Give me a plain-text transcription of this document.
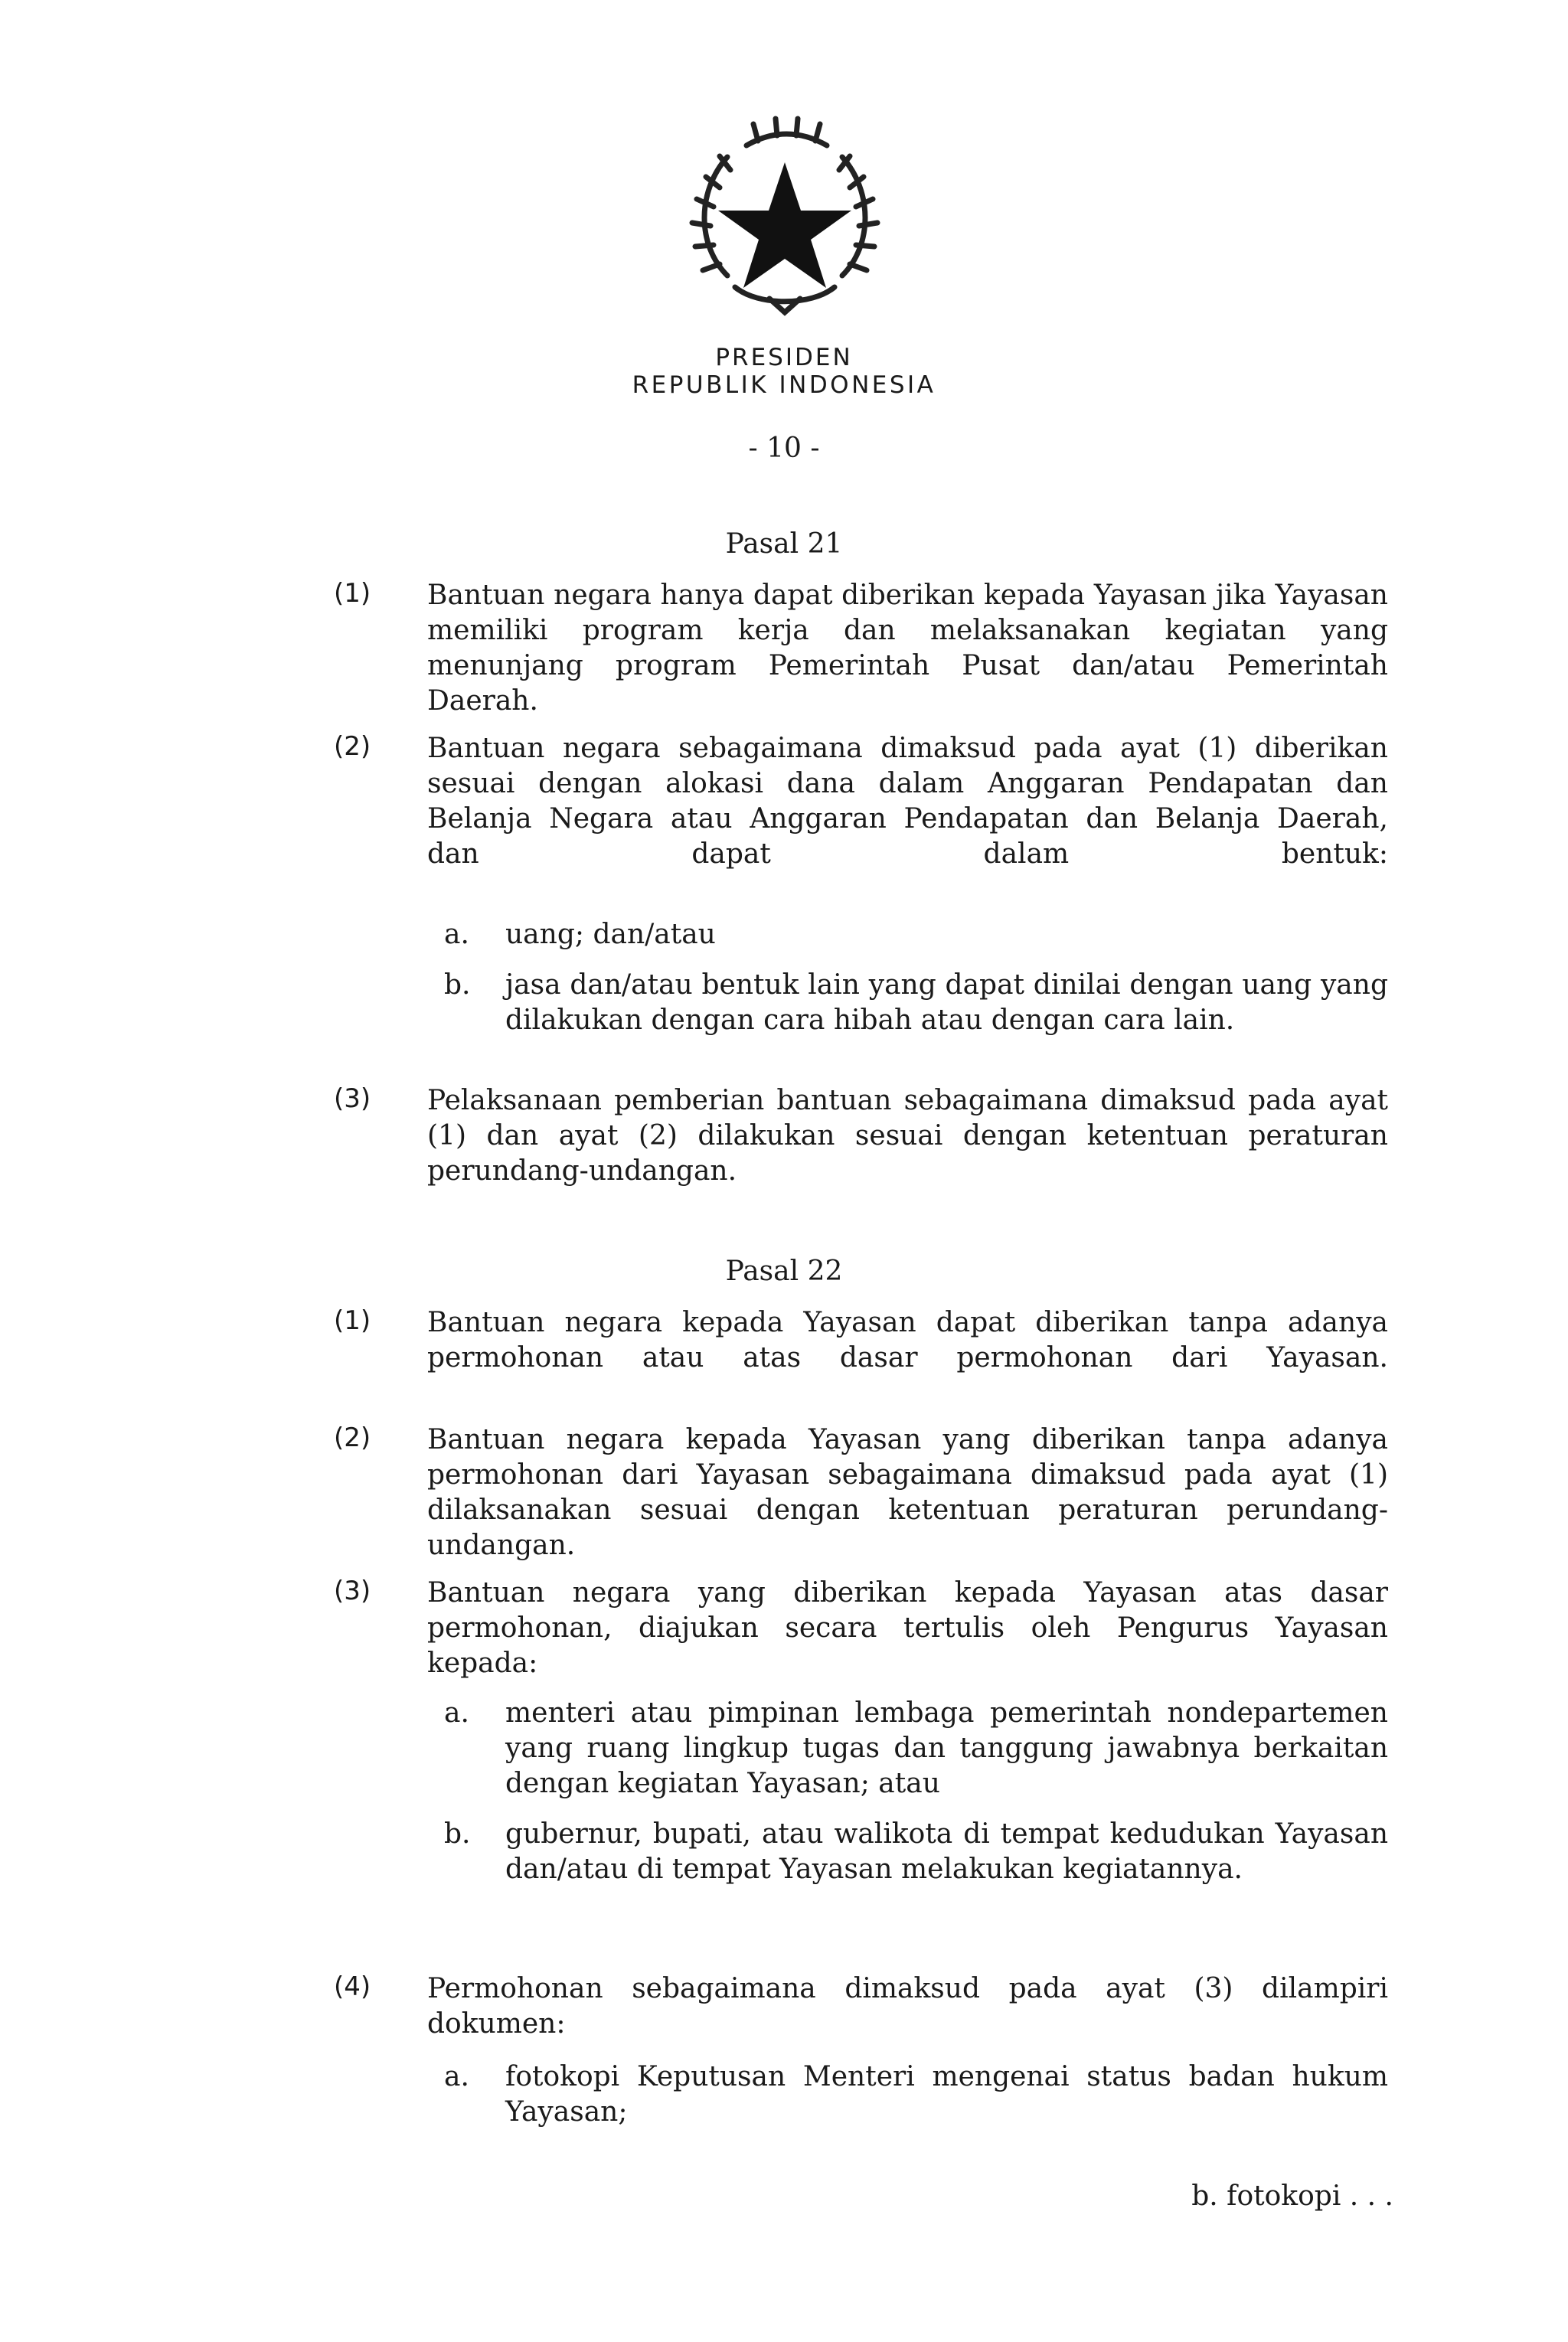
PRESIDEN
REPUBLIK INDONESIA
- 10 -
Pasal 21
(1)	Bantuan negara hanya dapat diberikan kepada Yayasan jika Yayasan memiliki program kerja dan melaksanakan kegiatan yang menunjang program Pemerintah Pusat dan/atau Pemerintah Daerah.

(2)	Bantuan negara sebagaimana dimaksud pada ayat (1) diberikan sesuai dengan alokasi dana dalam Anggaran Pendapatan dan Belanja Negara atau Anggaran Pendapatan dan Belanja Daerah, dan dapat dalam bentuk:

a. uang; dan/atau

b. jasa dan/atau bentuk lain yang dapat dinilai dengan uang yang dilakukan dengan cara hibah atau dengan cara lain.

(3)	Pelaksanaan pemberian bantuan sebagaimana dimaksud pada ayat (1) dan ayat (2) dilakukan sesuai dengan ketentuan peraturan perundang-undangan.

Pasal 22
(1)	Bantuan negara kepada Yayasan dapat diberikan tanpa adanya permohonan atau atas dasar permohonan dari Yayasan.

(2)	Bantuan negara kepada Yayasan yang diberikan tanpa adanya permohonan dari Yayasan sebagaimana dimaksud pada ayat (1) dilaksanakan sesuai dengan ketentuan peraturan perundang-undangan.

(3)	Bantuan negara yang diberikan kepada Yayasan atas dasar permohonan, diajukan secara tertulis oleh Pengurus Yayasan kepada:

a. menteri atau pimpinan lembaga pemerintah nondepartemen yang ruang lingkup tugas dan tanggung jawabnya berkaitan dengan kegiatan Yayasan; atau

b. gubernur, bupati, atau walikota di tempat kedudukan Yayasan dan/atau di tempat Yayasan melakukan kegiatannya.

(4)	Permohonan sebagaimana dimaksud pada ayat (3) dilampiri dokumen:

a. fotokopi Keputusan Menteri mengenai status badan hukum Yayasan;

b. fotokopi . . .
